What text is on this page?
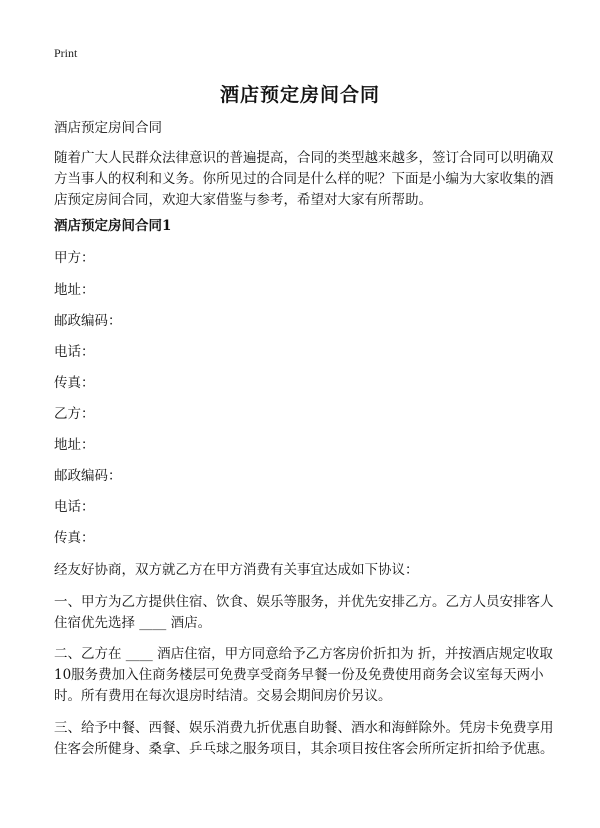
Print
酒店预定房间合同

酒店预定房间合同

随着广大人民群众法律意识的普遍提高，合同的类型越来越多，签订合同可以明确双方当事人的权利和义务。你所见过的合同是什么样的呢？下面是小编为大家收集的酒店预定房间合同，欢迎大家借鉴与参考，希望对大家有所帮助。

酒店预定房间合同1

甲方：
地址：
邮政编码：
电话：
传真：
乙方：
地址：
邮政编码：
电话：
传真：

经友好协商，双方就乙方在甲方消费有关事宜达成如下协议：

一、甲方为乙方提供住宿、饮食、娱乐等服务，并优先安排乙方。乙方人员安排客人住宿优先选择 ____ 酒店。

二、乙方在 ____ 酒店住宿，甲方同意给予乙方客房价折扣为 折，并按酒店规定收取 10服务费加入住商务楼层可免费享受商务早餐一份及免费使用商务会议室每天两小时。所有费用在每次退房时结清。交易会期间房价另议。

三、给予中餐、西餐、娱乐消费九折优惠自助餐、酒水和海鲜除外。凭房卡免费享用住客会所健身、桑拿、乒乓球之服务项目，其余项目按住客会所所定折扣给予优惠。
